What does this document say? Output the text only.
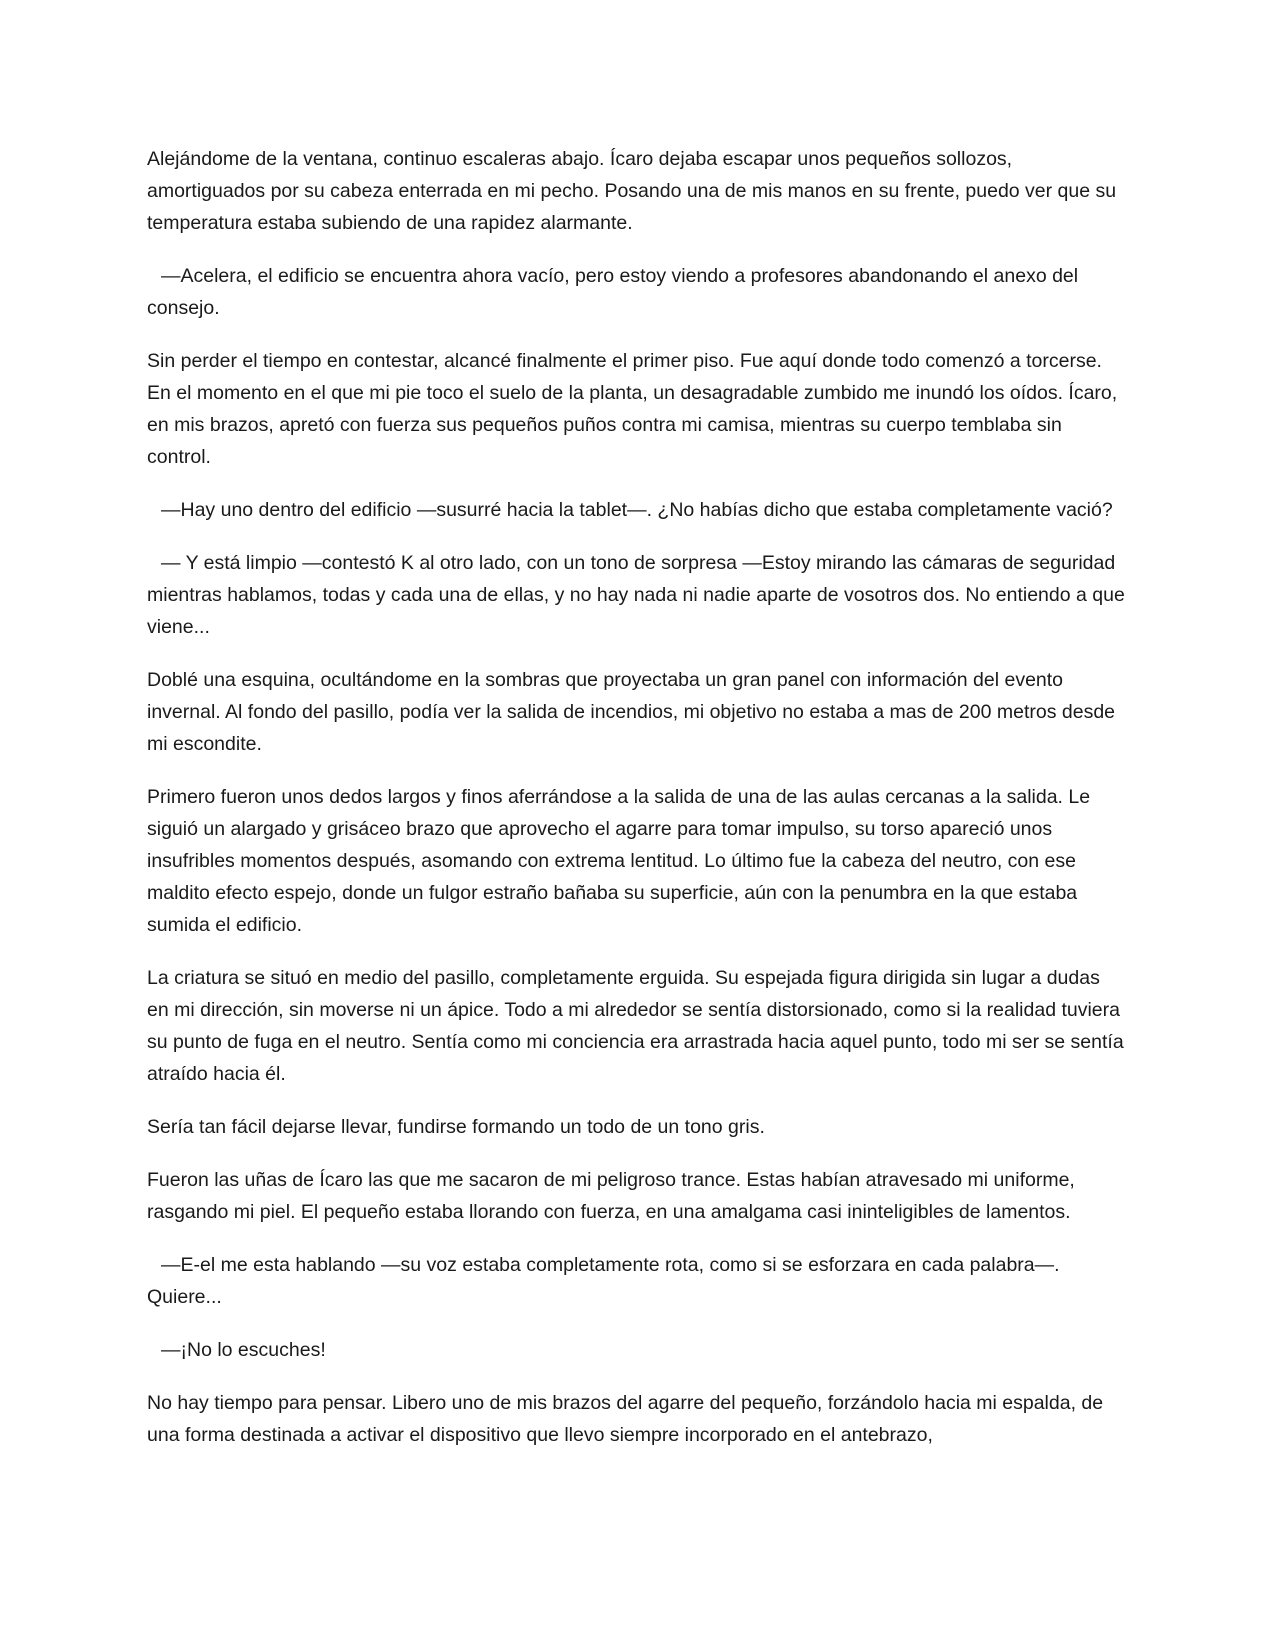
Alejándome de la ventana, continuo escaleras abajo. Ícaro dejaba escapar unos pequeños sollozos, amortiguados por su cabeza enterrada en mi pecho. Posando una de mis manos en su frente, puedo ver que su temperatura estaba subiendo de una rapidez alarmante.

—Acelera, el edificio se encuentra ahora vacío, pero estoy viendo a profesores abandonando el anexo del consejo.

Sin perder el tiempo en contestar, alcancé finalmente el primer piso. Fue aquí donde todo comenzó a torcerse. En el momento en el que mi pie toco el suelo de la planta, un desagradable zumbido me inundó los oídos. Ícaro, en mis brazos, apretó con fuerza sus pequeños puños contra mi camisa, mientras su cuerpo temblaba sin control.

—Hay uno dentro del edificio —susurré hacia la tablet—. ¿No habías dicho que estaba completamente vació?

— Y está limpio —contestó K al otro lado, con un tono de sorpresa —Estoy mirando las cámaras de seguridad mientras hablamos, todas y cada una de ellas, y no hay nada ni nadie aparte de vosotros dos. No entiendo a que viene...

Doblé una esquina, ocultándome en la sombras que proyectaba un gran panel con información del evento invernal. Al fondo del pasillo, podía ver la salida de incendios, mi objetivo no estaba a mas de 200 metros desde mi escondite.

Primero fueron unos dedos largos y finos aferrándose a la salida de una de las aulas cercanas a la salida. Le siguió un alargado y grisáceo brazo que aprovecho el agarre para tomar impulso, su torso apareció unos insufribles momentos después, asomando con extrema lentitud. Lo último fue la cabeza del neutro, con ese maldito efecto espejo, donde un fulgor estraño bañaba su superficie, aún con la penumbra en la que estaba sumida el edificio.

La criatura se situó en medio del pasillo, completamente erguida. Su espejada figura dirigida sin lugar a dudas en mi dirección, sin moverse ni un ápice. Todo a mi alrededor se sentía distorsionado, como si la realidad tuviera su punto de fuga en el neutro. Sentía como mi conciencia era arrastrada hacia aquel punto, todo mi ser se sentía atraído hacia él.

Sería tan fácil dejarse llevar, fundirse formando un todo de un tono gris.

Fueron las uñas de Ícaro las que me sacaron de mi peligroso trance. Estas habían atravesado mi uniforme, rasgando mi piel. El pequeño estaba llorando con fuerza, en una amalgama casi ininteligibles de lamentos.

—E-el me esta hablando —su voz estaba completamente rota, como si se esforzara en cada palabra—. Quiere...

—¡No lo escuches!

No hay tiempo para pensar. Libero uno de mis brazos del agarre del pequeño, forzándolo hacia mi espalda, de una forma destinada a activar el dispositivo que llevo siempre incorporado en el antebrazo,
